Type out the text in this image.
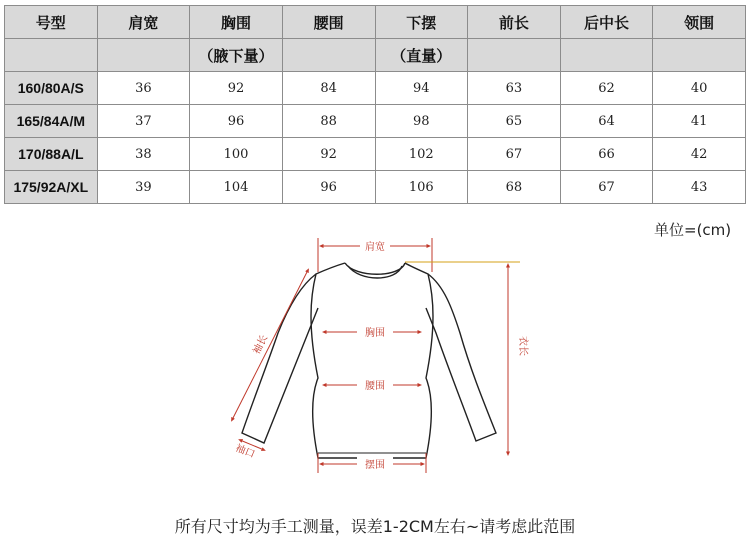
号型	肩宽	胸围	腰围	下摆	前长	后中长	领围
		（腋下量）		（直量）			
160/80A/S	36	92	84	94	63	62	40
165/84A/M	37	96	88	98	65	64	41
170/88A/L	38	100	92	102	67	66	42
175/92A/XL	39	104	96	106	68	67	43
单位=(cm)
肩宽
胸围
腰围
摆围
袖长
袖口
衣长
所有尺寸均为手工测量，误差1-2CM左右~请考虑此范围
